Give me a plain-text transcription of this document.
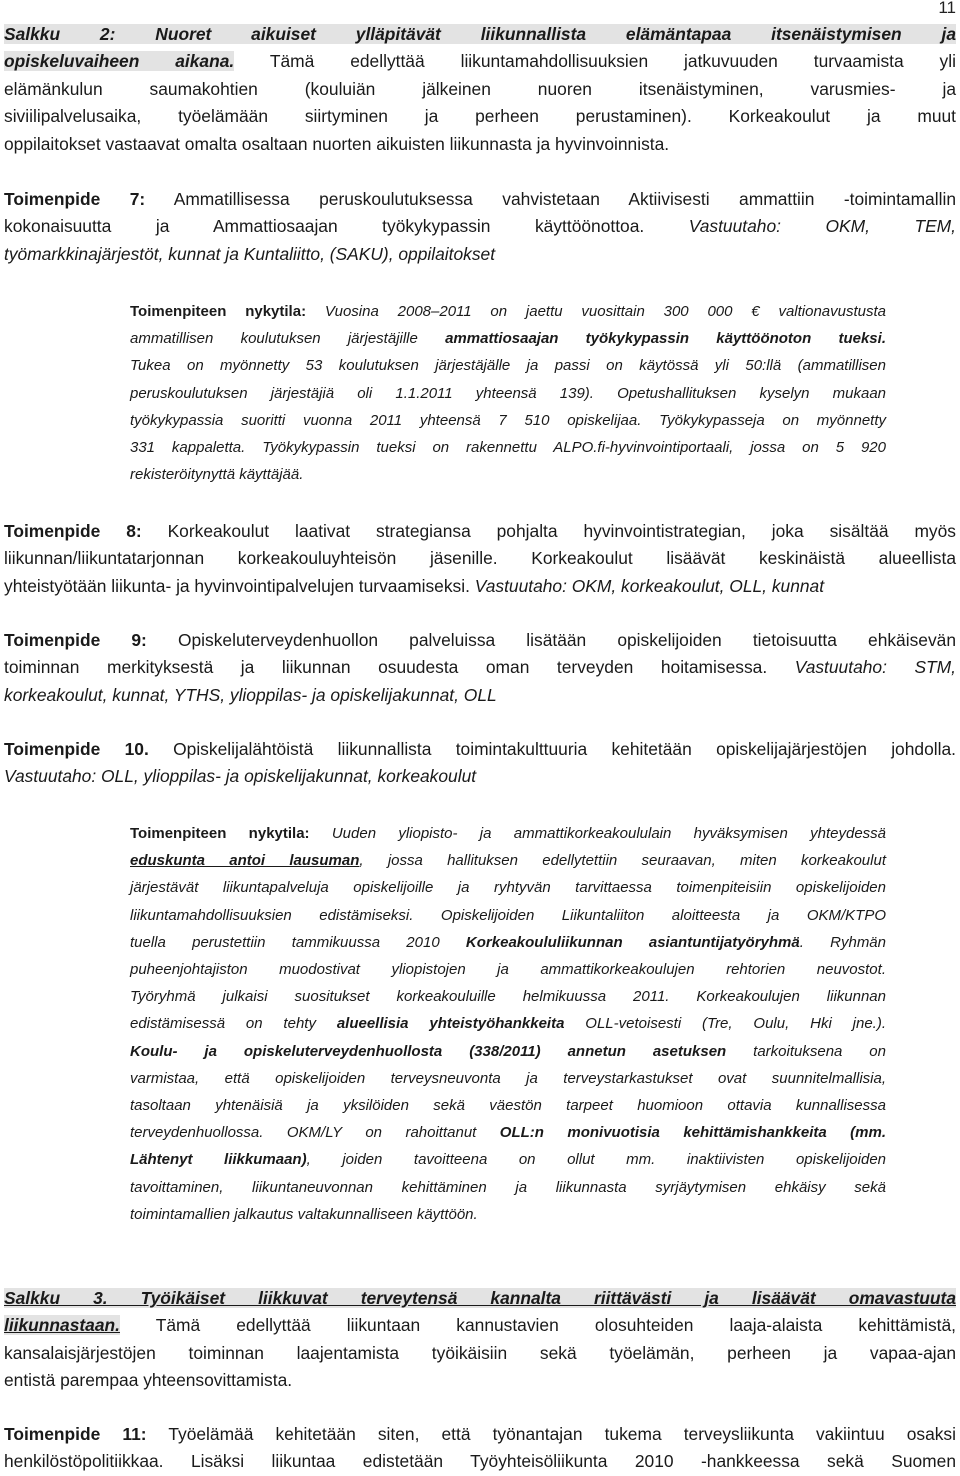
11
Salkku 2: Nuoret aikuiset ylläpitävät liikunnallista elämäntapaa itsenäistymisen ja
opiskeluvaiheen aikana. Tämä edellyttää liikuntamahdollisuuksien jatkuvuuden turvaamista yli
elämänkulun saumakohtien (kouluiän jälkeinen nuoren itsenäistyminen, varusmies- ja
siviilipalvelusaika, työelämään siirtyminen ja perheen perustaminen). Korkeakoulut ja muut
oppilaitokset vastaavat omalta osaltaan nuorten aikuisten liikunnasta ja hyvinvoinnista.
Toimenpide 7: Ammatillisessa peruskoulutuksessa vahvistetaan Aktiivisesti ammattiin -toimintamallin
kokonaisuutta ja Ammattiosaajan työkykypassin käyttöönottoa. Vastuutaho: OKM, TEM,
työmarkkinajärjestöt, kunnat ja Kuntaliitto, (SAKU), oppilaitokset
Toimenpiteen nykytila: Vuosina 2008–2011 on jaettu vuosittain 300 000 € valtionavustusta
ammatillisen koulutuksen järjestäjille ammattiosaajan työkykypassin käyttöönoton tueksi.
Tukea on myönnetty 53 koulutuksen järjestäjälle ja passi on käytössä yli 50:llä (ammatillisen
peruskoulutuksen järjestäjiä oli 1.1.2011 yhteensä 139). Opetushallituksen kyselyn mukaan
työkykypassia suoritti vuonna 2011 yhteensä 7 510 opiskelijaa. Työkykypasseja on myönnetty
331 kappaletta. Työkykypassin tueksi on rakennettu ALPO.fi-hyvinvointiportaali, jossa on 5 920
rekisteröitynyttä käyttäjää.
Toimenpide 8: Korkeakoulut laativat strategiansa pohjalta hyvinvointistrategian, joka sisältää myös
liikunnan/liikuntatarjonnan korkeakouluyhteisön jäsenille. Korkeakoulut lisäävät keskinäistä alueellista
yhteistyötään liikunta- ja hyvinvointipalvelujen turvaamiseksi. Vastuutaho: OKM, korkeakoulut, OLL, kunnat
Toimenpide 9: Opiskeluterveydenhuollon palveluissa lisätään opiskelijoiden tietoisuutta ehkäisevän
toiminnan merkityksestä ja liikunnan osuudesta oman terveyden hoitamisessa. Vastuutaho: STM,
korkeakoulut, kunnat, YTHS, ylioppilas- ja opiskelijakunnat, OLL
Toimenpide 10. Opiskelijalähtöistä liikunnallista toimintakulttuuria kehitetään opiskelijajärjestöjen johdolla.
Vastuutaho: OLL, ylioppilas- ja opiskelijakunnat, korkeakoulut
Toimenpiteen nykytila: Uuden yliopisto- ja ammattikorkeakoululain hyväksymisen yhteydessä
eduskunta antoi lausuman, jossa hallituksen edellytettiin seuraavan, miten korkeakoulut
järjestävät liikuntapalveluja opiskelijoille ja ryhtyvän tarvittaessa toimenpiteisiin opiskelijoiden
liikuntamahdollisuuksien edistämiseksi. Opiskelijoiden Liikuntaliiton aloitteesta ja OKM/KTPO
tuella perustettiin tammikuussa 2010 Korkeakoululiikunnan asiantuntijatyöryhmä. Ryhmän
puheenjohtajiston muodostivat yliopistojen ja ammattikorkeakoulujen rehtorien neuvostot.
Työryhmä julkaisi suositukset korkeakouluille helmikuussa 2011. Korkeakoulujen liikunnan
edistämisessä on tehty alueellisia yhteistyöhankkeita OLL-vetoisesti (Tre, Oulu, Hki jne.).
Koulu- ja opiskeluterveydenhuollosta (338/2011) annetun asetuksen tarkoituksena on
varmistaa, että opiskelijoiden terveysneuvonta ja terveystarkastukset ovat suunnitelmallisia,
tasoltaan yhtenäisiä ja yksilöiden sekä väestön tarpeet huomioon ottavia kunnallisessa
terveydenhuollossa. OKM/LY on rahoittanut OLL:n monivuotisia kehittämishankkeita (mm.
Lähtenyt liikkumaan), joiden tavoitteena on ollut mm. inaktiivisten opiskelijoiden
tavoittaminen, liikuntaneuvonnan kehittäminen ja liikunnasta syrjäytymisen ehkäisy sekä
toimintamallien jalkautus valtakunnalliseen käyttöön.
Salkku 3. Työikäiset liikkuvat terveytensä kannalta riittävästi ja lisäävät omavastuuta
liikunnastaan. Tämä edellyttää liikuntaan kannustavien olosuhteiden laaja-alaista kehittämistä,
kansalaisjärjestöjen toiminnan laajentamista työikäisiin sekä työelämän, perheen ja vapaa-ajan
entistä parempaa yhteensovittamista.
Toimenpide 11: Työelämää kehitetään siten, että työnantajan tukema terveysliikunta vakiintuu osaksi
henkilöstöpolitiikkaa. Lisäksi liikuntaa edistetään Työyhteisöliikunta 2010 -hankkeessa sekä Suomen
